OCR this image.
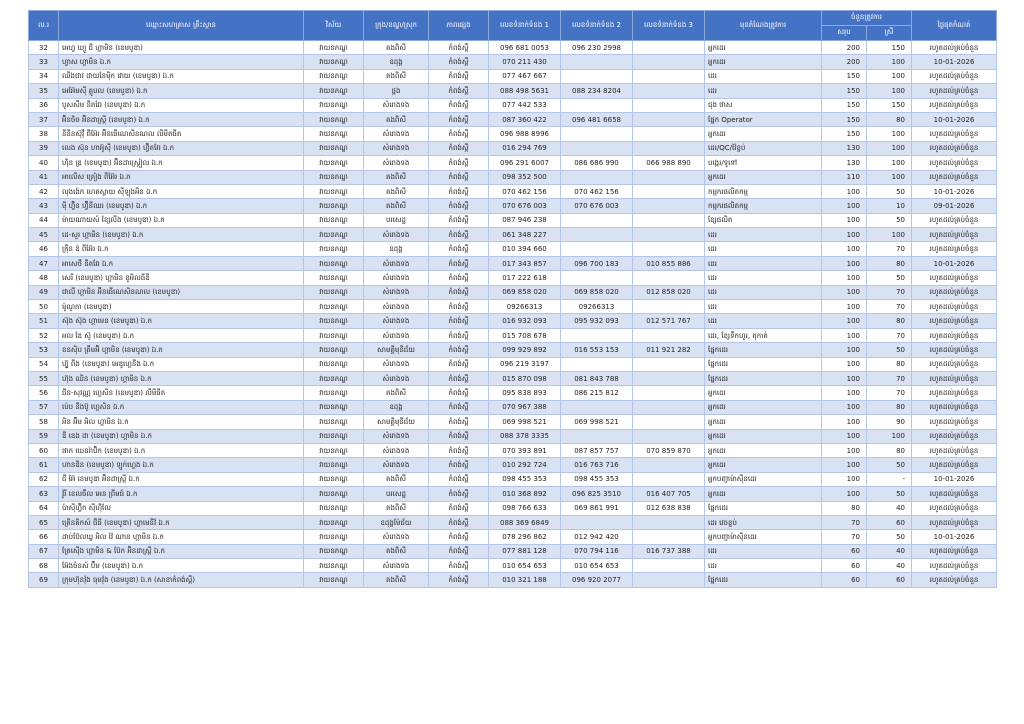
ល.រ	ឈ្មោះសហគ្រាស គ្រឹះស្ថាន	វិស័យ	ក្រុង/ខណ្ឌ/ស្រុក	ភាពផ្សេង	លេខទំនាក់ទំនង 1	លេខទំនាក់ទំនង 2	លេខទំនាក់ទំនង 3	មុខតំណែងត្រូវការ	ចំនួនត្រូវការ		ថ្ងៃផុតកំណត់
									សរុប	ស្រី	
32	អេហ្វ ឃ្យូ ជី ហ្គាមិន (ខេមបូឌា)	វាយនភណ្ឌ	គងពិសី	កំពង់ស្ពឺ	096 681 0053	096 230 2998		អ្នកដេរ	200	150	រហូតដល់គ្រប់ចំនួន
33	ហ្វាស ហ្គាមិន ឯ.ក	វាយនភណ្ឌ	ឧដុង្គ	កំពង់ស្ពឺ	070 211 430			អ្នកដេរ	200	100	10-01-2026
34	ឈីងជាវ ដាយនែម៉ិក ជាយ (ខេមបូឌា) ឯ.ក	វាយនភណ្ឌ	គងពិសី	កំពង់ស្ពឺ	077 467 667			ដេរ	150	100	រហូតដល់គ្រប់ចំនួន
35	អេអ៊ែមស៊ី គ្លូបល (ខេមបូឌា) ឯ.ក	វាយនភណ្ឌ	ថ្ពង	កំពង់ស្ពឺ	088 498 5631	088 234 8204		ដេរ	150	100	រហូតដល់គ្រប់ចំនួន
36	បូសសឹម នីតវែរ (ខេមបូឌា) ឯ.ក	វាយនភណ្ឌ	សំរោងទង	កំពង់ស្ពឺ	077 442 533			ជុង ថាស	150	150	រហូតដល់គ្រប់ចំនួន
37	អ៊ិនចិច អ៊ិនដាស្ត្រី (ខេមបូឌា) ឯ.ក	វាយនភណ្ឌ	គងពិសី	កំពង់ស្ពឺ	087 360 422	096 481 6658		ផ្នែក Operator	150	80	10-01-2026
38	នីនីនស៊ុវ៉ឺ ពីអ៊ែរ អ៊ិនធើណេសិនណល លីមីតធីត	វាយនភណ្ឌ	សំរោងទង	កំពង់ស្ពឺ	096 988 8996			អ្នកដេរ	150	100	រហូតដល់គ្រប់ចំនួន
39	លេង ស៊ុន ហាអ៊ូស៊ី (ខេមបូឌា) ហ្វ៊ិតវែរ ឯ.ក	វាយនភណ្ឌ	សំរោងទង	កំពង់ស្ពឺ	016 294 769			ដេរ/QC/វ៉ៃខ្ចប់	130	100	រហូតដល់គ្រប់ចំនួន
40	ហ៊ិន ឌ្រ (ខេមបូឌា) អ៊ិនដាស្ត្រៀល ឯ.ក	វាយនភណ្ឌ	សំរោងទង	កំពង់ស្ពឺ	096 291 6007	086 686 990	066 988 890	បង្អេរ/ទូទៅ	130	100	រហូតដល់គ្រប់ចំនួន
41	អាលើស គ្រៀង ពីអ៊ែរ ឯ.ក	វាយនភណ្ឌ	គងពិសី	កំពង់ស្ពឺ	098 352 500			អ្នកដេរ	110	100	រហូតដល់គ្រប់ចំនួន
42	លុងង៉េក ហេគស្លាយ ស៊ីឡុងអិន ឯ.ក	វាយនភណ្ឌ	គងពិសី	កំពង់ស្ពឺ	070 462 156	070 462 156		កម្មករផលិតកម្ម	100	50	10-01-2026
43	ម៉ី ហ្វ៊ិន ហ្វ៊ីនីឈរ (ខេមបូឌា) ឯ.ក	វាយនភណ្ឌ	គងពិសី	កំពង់ស្ពឺ	070 676 003	070 676 003		កម្មករផលិតកម្ម	100	10	09-01-2026
44	ម៉ាយណាយស៍ ខ្សែលីង (ខេមបូឌា) ឯ.ក	វាយនភណ្ឌ	បរសេដ្ឋ	កំពង់ស្ពឺ	087 946 238			ខ្សែផលិត	100	50	រហូតដល់គ្រប់ចំនួន
45	ដេ-សួរ ហ្គាមិន (ខេមបូឌា) ឯ.ក	វាយនភណ្ឌ	សំរោងទង	កំពង់ស្ពឺ	061 348 227			ដេរ	100	100	រហូតដល់គ្រប់ចំនួន
46	ក្រុីន ឌ៉ ពីអ៊ែរ ឯ.ក	វាយនភណ្ឌ	ឧដុង្គ	កំពង់ស្ពឺ	010 394 660			ដេរ	100	70	រហូតដល់គ្រប់ចំនួន
47	អាសេថឺ នីតវែរ ឯ.ក	វាយនភណ្ឌ	សំរោងទង	កំពង់ស្ពឺ	017 343 857	096 700 183	010 855 886	ដេរ	100	80	10-01-2026
48	សេរី (ខេមបូឌា) ហ្គាមិន ខូអិលធីឌី	វាយនភណ្ឌ	សំរោងទង	កំពង់ស្ពឺ	017 222 618			ដេរ	100	50	រហូតដល់គ្រប់ចំនួន
49	ជាលី ហ្គាមិន អ៊ិនធើណេសិនណល (ខេមបូឌា)	វាយនភណ្ឌ	សំរោងទង	កំពង់ស្ពឺ	069 858 020	069 858 020	012 858 020	ដេរ	100	70	រហូតដល់គ្រប់ចំនួន
50	ម៉ូណូកា (ខេមបូឌា)	វាយនភណ្ឌ	សំរោងទង	កំពង់ស្ពឺ	09266313	09266313		ដេរ	100	70	រហូតដល់គ្រប់ចំនួន
51	ស៊ុង ស៊ុង ហ្គាមេន (ខេមបូឌា) ឯ.ក	វាយនភណ្ឌ	សំរោងទង	កំពង់ស្ពឺ	016 932 093	095 932 093	012 571 767	ដេរ	100	80	រហូតដល់គ្រប់ចំនួន
52	អល ឌែ ស៊ូ (ខេមបូឌា) ឯ.ក	វាយនភណ្ឌ	សំរោងទង	កំពង់ស្ពឺ	015 708 678			ដេរ, ខ្សែទឹកហូរ, តុកាត់	100	70	រហូតដល់គ្រប់ចំនួន
53	ខនស៊ិប ត្រឹមអ៊ិ ហ្គាមិន (ខេមបូឌា) ឯ.ក	វាយនភណ្ឌ	សាមគ្គីមុនីជ័យ	កំពង់ស្ពឺ	099 929 892	016 553 153	011 921 282	ផ្នែកដេរ	100	50	រហូតដល់គ្រប់ចំនួន
54	ហ្វ៊ូ ពីង (ខេមបូឌា) អេឌូហ្គេនីង ឯ.ក	វាយនភណ្ឌ	សំរោងទង	កំពង់ស្ពឺ	096 219 3197			ផ្នែកដេរ	100	80	រហូតដល់គ្រប់ចំនួន
55	ហ៊ុង ឈិន (ខេមបូឌា) ហ្គាមិន ឯ.ក	វាយនភណ្ឌ	សំរោងទង	កំពង់ស្ពឺ	015 870 098	081 843 788		ផ្នែកដេរ	100	70	រហូតដល់គ្រប់ចំនួន
56	ជីន-សុវណ្ណ ហ្គេសិន (ខេមបូឌា) លីមីធីត	វាយនភណ្ឌ	គងពិសី	កំពង់ស្ពឺ	095 838 893	086 215 812		អ្នកដេរ	100	70	រហូតដល់គ្រប់ចំនួន
57	ប៉េប នីងប៊ូ ហ្គេសិន ឯ.ក	វាយនភណ្ឌ	ឧដុង្គ	កំពង់ស្ពឺ	070 967 388			អ្នកដេរ	100	80	រហូតដល់គ្រប់ចំនួន
58	អិន អ៊ីម អិល ហ្គាមិន ឯ.ក	វាយនភណ្ឌ	សាមគ្គីមុនីជ័យ	កំពង់ស្ពឺ	069 998 521	069 998 521		អ្នកដេរ	100	90	រហូតដល់គ្រប់ចំនួន
59	ឌី ឌេង ដា (ខេមបូឌា) ហ្គាមិន ឯ.ក	វាយនភណ្ឌ	សំរោងទង	កំពង់ស្ពឺ	088 378 3335			អ្នកដេរ	100	100	រហូតដល់គ្រប់ចំនួន
60	ផាក ឃេនរ៉ាប៊ិក (ខេមបូឌា) ឯ.ក	វាយនភណ្ឌ	សំរោងទង	កំពង់ស្ពឺ	070 393 891	087 857 757	070 859 870	អ្នកដេរ	100	80	រហូតដល់គ្រប់ចំនួន
61	ហានឌិន (ខេមបូឌា) ឡូក់ហ្គេង ឯ.ក	វាយនភណ្ឌ	សំរោងទង	កំពង់ស្ពឺ	010 292 724	016 763 716		អ្នកដេរ	100	50	រហូតដល់គ្រប់ចំនួន
62	ជី អ៊ែ ខេមបូឌា អ៊ិនដាស្ត្រី ឯ.ក	វាយនភណ្ឌ	គងពិសី	កំពង់ស្ពឺ	098 455 353	098 455 353		អ្នកបញ្ជាម៉ាស៊ីនដេរ	100	-	10-01-2026
63	វ៉ូរី ខេលចឹល អេន ព្រីមធ៍ ឯ.ក	វាយនភណ្ឌ	បរសេដ្ឋ	កំពង់ស្ពឺ	010 368 892	096 825 3510	016 407 705	អ្នកដេរ	100	50	រហូតដល់គ្រប់ចំនួន
64	ប៉ាស៊ីហ្វ៊ិក ស៊ីហ៊ីលែ	វាយនភណ្ឌ	គងពិសី	កំពង់ស្ពឺ	098 766 633	069 861 991	012 638 838	ផ្នែកដេរ	80	40	រហូតដល់គ្រប់ចំនួន
65	ត្រើនគិកស៍ ជឺធី (ខេមបូឌា) ហ្គាមេនីវ៍ ឯ.ក	វាយនភណ្ឌ	ឧដុង្គម៉ែជ័យ	កំពង់ស្ពឺ	088 369 6849			ដេរ វេចខ្ចប់	70	60	រហូតដល់គ្រប់ចំនួន
66	ដាប់ប៊ែលឃ្វ អិល វ៉ៃ ណាន ហ្គាមិន ឯ.ក	វាយនភណ្ឌ	សំរោងទង	កំពង់ស្ពឺ	078 296 862	012 942 420		អ្នកបញ្ជាម៉ាស៊ីនដេរ	70	50	10-01-2026
67	ត្រែស៊ើង ហ្គាមិន & ប៊ែក អ៊ិនដាស្ត្រី ឯ.ក	វាយនភណ្ឌ	គងពិសី	កំពង់ស្ពឺ	077 881 128	070 794 116	016 737 388	ដេរ	60	40	រហូតដល់គ្រប់ចំនួន
68	អ៊ែងចំនស៍ ប៊ីម (ខេមបូឌា) ឯ.ក	វាយនភណ្ឌ	សំរោងទង	កំពង់ស្ពឺ	010 654 653	010 654 653		ដេរ	60	40	រហូតដល់គ្រប់ចំនួន
69	ក្រុមហ៊ុនវ៉ុង ធុមវ៉ុង (ខេមបូឌា) ឯ.ក (សាខាកំពង់ស្ពឺ)	វាយនភណ្ឌ	គងពិសី	កំពង់ស្ពឺ	010 321 188	096 920 2077		ផ្នែកដេរ	60	60	រហូតដល់គ្រប់ចំនួន
